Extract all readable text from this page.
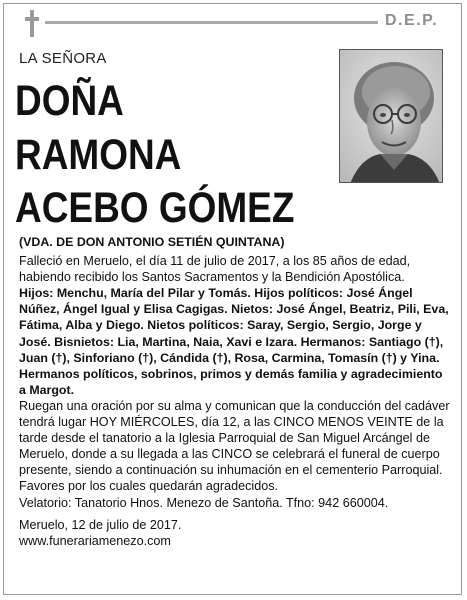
D.E.P.
LA SEÑORA
DOÑA
RAMONA
ACEBO GÓMEZ

(VDA. DE DON ANTONIO SETIÉN QUINTANA)

Falleció en Meruelo, el día 11 de julio de 2017, a los 85 años de edad, habiendo recibido los Santos Sacramentos y la Bendición Apostólica.

Hijos: Menchu, María del Pilar y Tomás. Hijos políticos: José Ángel Núñez, Ángel Igual y Elisa Cagigas. Nietos: José Ángel, Beatriz, Pili, Eva, Fátima, Alba y Diego. Nietos políticos: Saray, Sergio, Sergio, Jorge y José. Bisnietos: Lia, Martina, Naia, Xavi e Izara. Hermanos: Santiago (†), Juan (†), Sinforiano (†), Cándida (†), Rosa, Carmina, Tomasín (†) y Yina. Hermanos políticos, sobrinos, primos y demás familia y agradecimiento a Margot.

Ruegan una oración por su alma y comunican que la conducción del cadáver tendrá lugar HOY MIÉRCOLES, día 12, a las CINCO MENOS VEINTE de la tarde desde el tanatorio a la Iglesia Parroquial de San Miguel Arcángel de Meruelo, donde a su llegada a las CINCO se celebrará el funeral de cuerpo presente, siendo a continuación su inhumación en el cementerio Parroquial. Favores por los cuales quedarán agradecidos.

Velatorio: Tanatorio Hnos. Menezo de Santoña. Tfno: 942 660004.

Meruelo, 12 de julio de 2017.

www.funerariamenezo.com
